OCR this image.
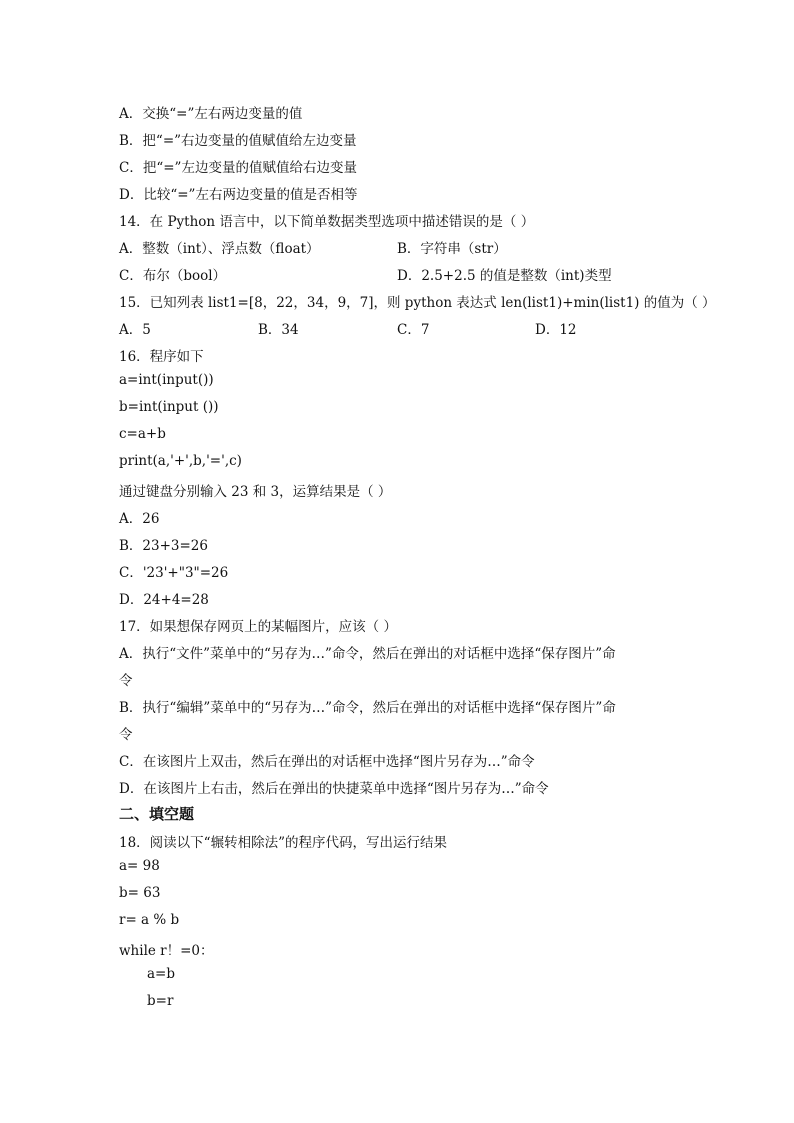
A．交换“=”左右两边变量的值
B．把“=”右边变量的值赋值给左边变量
C．把“=”左边变量的值赋值给右边变量
D．比较“=”左右两边变量的值是否相等
14．在 Python 语言中，以下简单数据类型选项中描述错误的是（ ）
A．整数（int）、浮点数（float）	B．字符串（str）
C．布尔（bool）	D．2.5+2.5 的值是整数（int)类型
15．已知列表 list1=[8，22，34，9，7]，则 python 表达式 len(list1)+min(list1) 的值为（ ）
A．5	B．34	C．7	D．12
16．程序如下
a=int(input())
b=int(input ())
c=a+b
print(a,'+',b,'=',c)
通过键盘分别输入 23 和 3，运算结果是（ ）
A．26
B．23+3=26
C．'23'+"3"=26
D．24+4=28
17．如果想保存网页上的某幅图片，应该（ ）
A．执行“文件”菜单中的“另存为…”命令，然后在弹出的对话框中选择“保存图片”命
令
B．执行“编辑”菜单中的“另存为…”命令，然后在弹出的对话框中选择“保存图片”命
令
C．在该图片上双击，然后在弹出的对话框中选择“图片另存为…”命令
D．在该图片上右击，然后在弹出的快捷菜单中选择“图片另存为…”命令
二、填空题
18．阅读以下“辗转相除法”的程序代码，写出运行结果
a= 98
b= 63
r= a % b
while r！=0：
a=b
b=r
